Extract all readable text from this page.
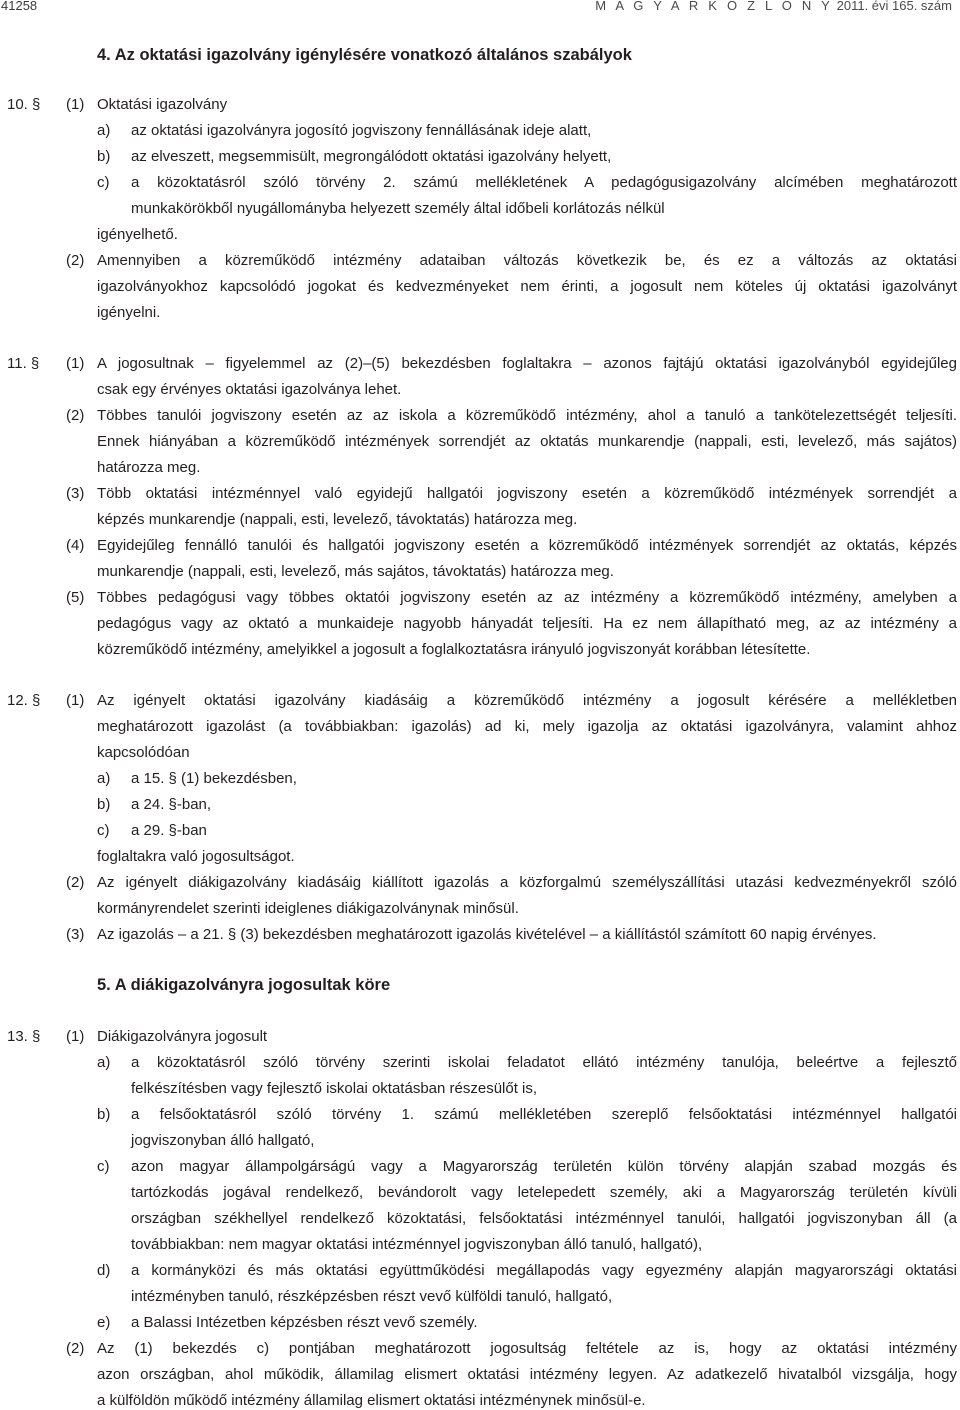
41258	M A G Y A R K Ö Z L Ö N Y 2011. évi 165. szám
4. Az oktatási igazolvány igénylésére vonatkozó általános szabályok
10. § (1) Oktatási igazolvány
a) az oktatási igazolványra jogosító jogviszony fennállásának ideje alatt,
b) az elveszett, megsemmisült, megrongálódott oktatási igazolvány helyett,
c) a közoktatásról szóló törvény 2. számú mellékletének A pedagógusigazolvány alcímében meghatározott
munkakörökből nyugállományba helyezett személy által időbeli korlátozás nélkül
igényelhető.
(2) Amennyiben a közreműködő intézmény adataiban változás következik be, és ez a változás az oktatási
igazolványokhoz kapcsolódó jogokat és kedvezményeket nem érinti, a jogosult nem köteles új oktatási igazolványt
igényelni.
11. § (1) A jogosultnak – figyelemmel az (2)–(5) bekezdésben foglaltakra – azonos fajtájú oktatási igazolványból egyidejűleg
csak egy érvényes oktatási igazolványa lehet.
(2) Többes tanulói jogviszony esetén az az iskola a közreműködő intézmény, ahol a tanuló a tankötelezettségét teljesíti.
Ennek hiányában a közreműködő intézmények sorrendjét az oktatás munkarendje (nappali, esti, levelező, más sajátos)
határozza meg.
(3) Több oktatási intézménnyel való egyidejű hallgatói jogviszony esetén a közreműködő intézmények sorrendjét a
képzés munkarendje (nappali, esti, levelező, távoktatás) határozza meg.
(4) Egyidejűleg fennálló tanulói és hallgatói jogviszony esetén a közreműködő intézmények sorrendjét az oktatás, képzés
munkarendje (nappali, esti, levelező, más sajátos, távoktatás) határozza meg.
(5) Többes pedagógusi vagy többes oktatói jogviszony esetén az az intézmény a közreműködő intézmény, amelyben a
pedagógus vagy az oktató a munkaideje nagyobb hányadát teljesíti. Ha ez nem állapítható meg, az az intézmény a
közreműködő intézmény, amelyikkel a jogosult a foglalkoztatásra irányuló jogviszonyát korábban létesítette.
12. § (1) Az igényelt oktatási igazolvány kiadásáig a közreműködő intézmény a jogosult kérésére a mellékletben
meghatározott igazolást (a továbbiakban: igazolás) ad ki, mely igazolja az oktatási igazolványra, valamint ahhoz
kapcsolódóan
a) a 15. § (1) bekezdésben,
b) a 24. §-ban,
c) a 29. §-ban
foglaltakra való jogosultságot.
(2) Az igényelt diákigazolvány kiadásáig kiállított igazolás a közforgalmú személyszállítási utazási kedvezményekről szóló
kormányrendelet szerinti ideiglenes diákigazolványnak minősül.
(3) Az igazolás – a 21. § (3) bekezdésben meghatározott igazolás kivételével – a kiállítástól számított 60 napig érvényes.
5. A diákigazolványra jogosultak köre
13. § (1) Diákigazolványra jogosult
a) a közoktatásról szóló törvény szerinti iskolai feladatot ellátó intézmény tanulója, beleértve a fejlesztő
felkészítésben vagy fejlesztő iskolai oktatásban részesülőt is,
b) a felsőoktatásról szóló törvény 1. számú mellékletében szereplő felsőoktatási intézménnyel hallgatói
jogviszonyban álló hallgató,
c) azon magyar állampolgárságú vagy a Magyarország területén külön törvény alapján szabad mozgás és
tartózkodás jogával rendelkező, bevándorolt vagy letelepedett személy, aki a Magyarország területén kívüli
országban székhellyel rendelkező közoktatási, felsőoktatási intézménnyel tanulói, hallgatói jogviszonyban áll (a
továbbiakban: nem magyar oktatási intézménnyel jogviszonyban álló tanuló, hallgató),
d) a kormányközi és más oktatási együttműködési megállapodás vagy egyezmény alapján magyarországi oktatási
intézményben tanuló, részképzésben részt vevő külföldi tanuló, hallgató,
e) a Balassi Intézetben képzésben részt vevő személy.
(2) Az (1) bekezdés c) pontjában meghatározott jogosultság feltétele az is, hogy az oktatási intézmény
azon országban, ahol működik, államilag elismert oktatási intézmény legyen. Az adatkezelő hivatalból vizsgálja, hogy
a külföldön működő intézmény államilag elismert oktatási intézménynek minősül-e.
